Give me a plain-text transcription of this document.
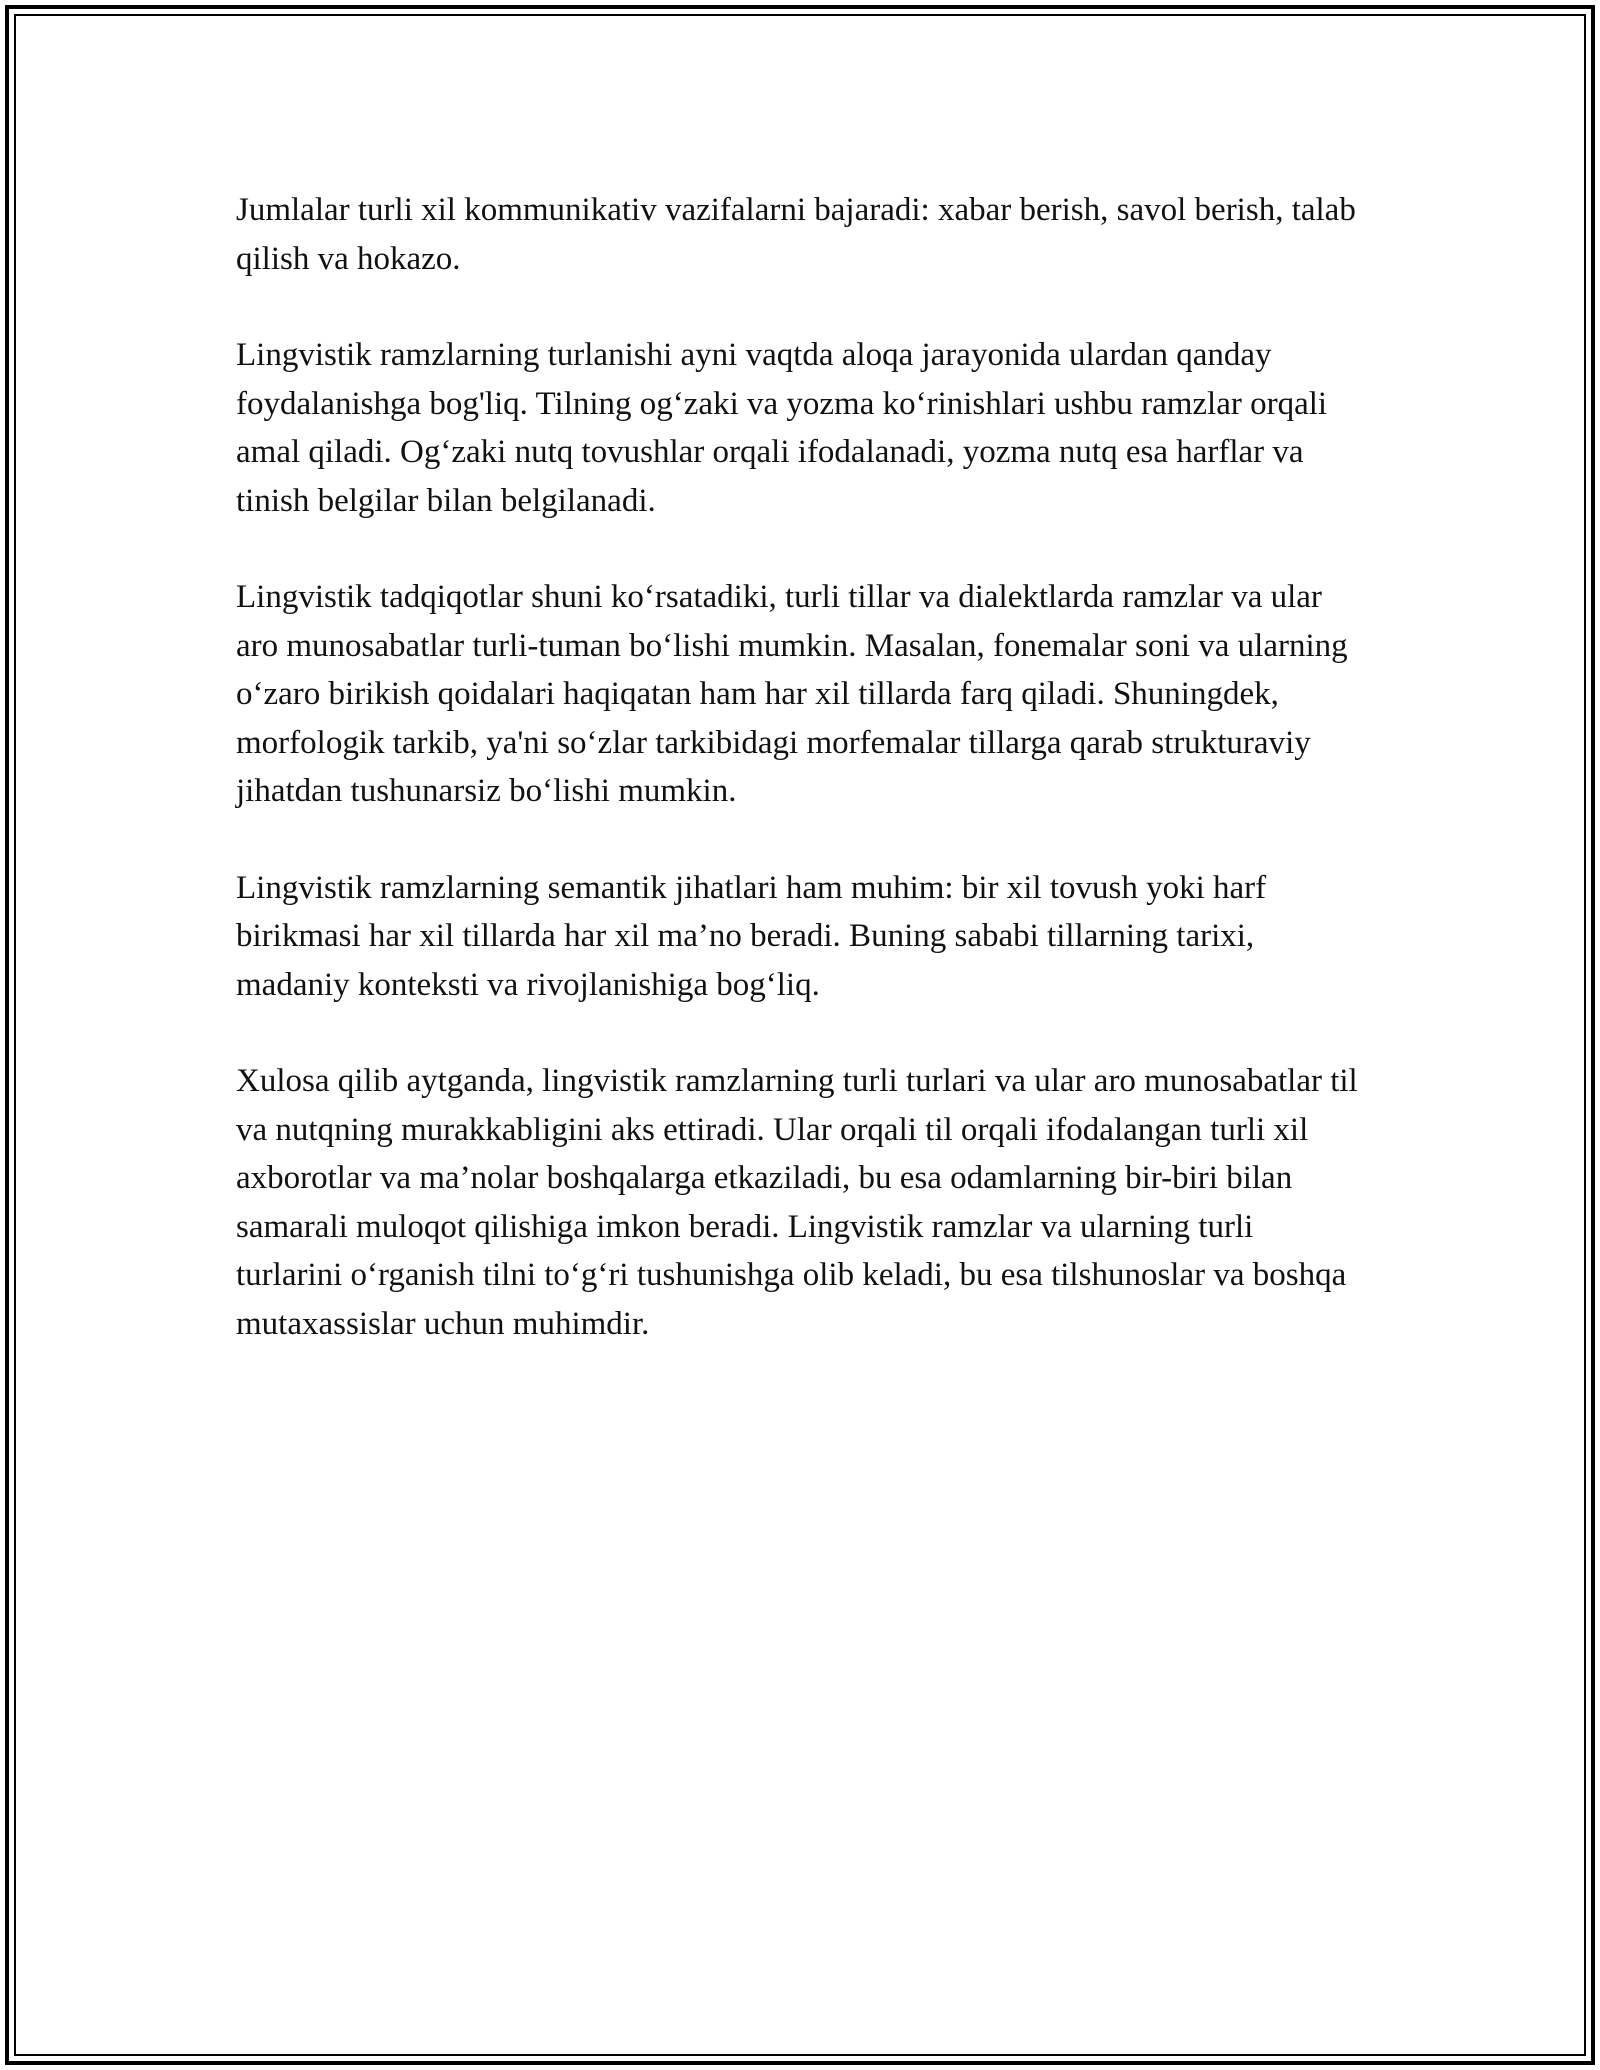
Jumlalar turli xil kommunikativ vazifalarni bajaradi: xabar berish, savol berish, talab qilish va hokazo.

Lingvistik ramzlarning turlanishi ayni vaqtda aloqa jarayonida ulardan qanday foydalanishga bog'liq. Tilning og‘zaki va yozma ko‘rinishlari ushbu ramzlar orqali amal qiladi. Og‘zaki nutq tovushlar orqali ifodalanadi, yozma nutq esa harflar va tinish belgilar bilan belgilanadi.

Lingvistik tadqiqotlar shuni ko‘rsatadiki, turli tillar va dialektlarda ramzlar va ular aro munosabatlar turli-tuman bo‘lishi mumkin. Masalan, fonemalar soni va ularning o‘zaro birikish qoidalari haqiqatan ham har xil tillarda farq qiladi. Shuningdek, morfologik tarkib, ya'ni so‘zlar tarkibidagi morfemalar tillarga qarab strukturaviy jihatdan tushunarsiz bo‘lishi mumkin.

Lingvistik ramzlarning semantik jihatlari ham muhim: bir xil tovush yoki harf birikmasi har xil tillarda har xil ma’no beradi. Buning sababi tillarning tarixi, madaniy konteksti va rivojlanishiga bog‘liq.

Xulosa qilib aytganda, lingvistik ramzlarning turli turlari va ular aro munosabatlar til va nutqning murakkabligini aks ettiradi. Ular orqali til orqali ifodalangan turli xil axborotlar va ma’nolar boshqalarga etkaziladi, bu esa odamlarning bir-biri bilan samarali muloqot qilishiga imkon beradi. Lingvistik ramzlar va ularning turli turlarini o‘rganish tilni to‘g‘ri tushunishga olib keladi, bu esa tilshunoslar va boshqa mutaxassislar uchun muhimdir.
